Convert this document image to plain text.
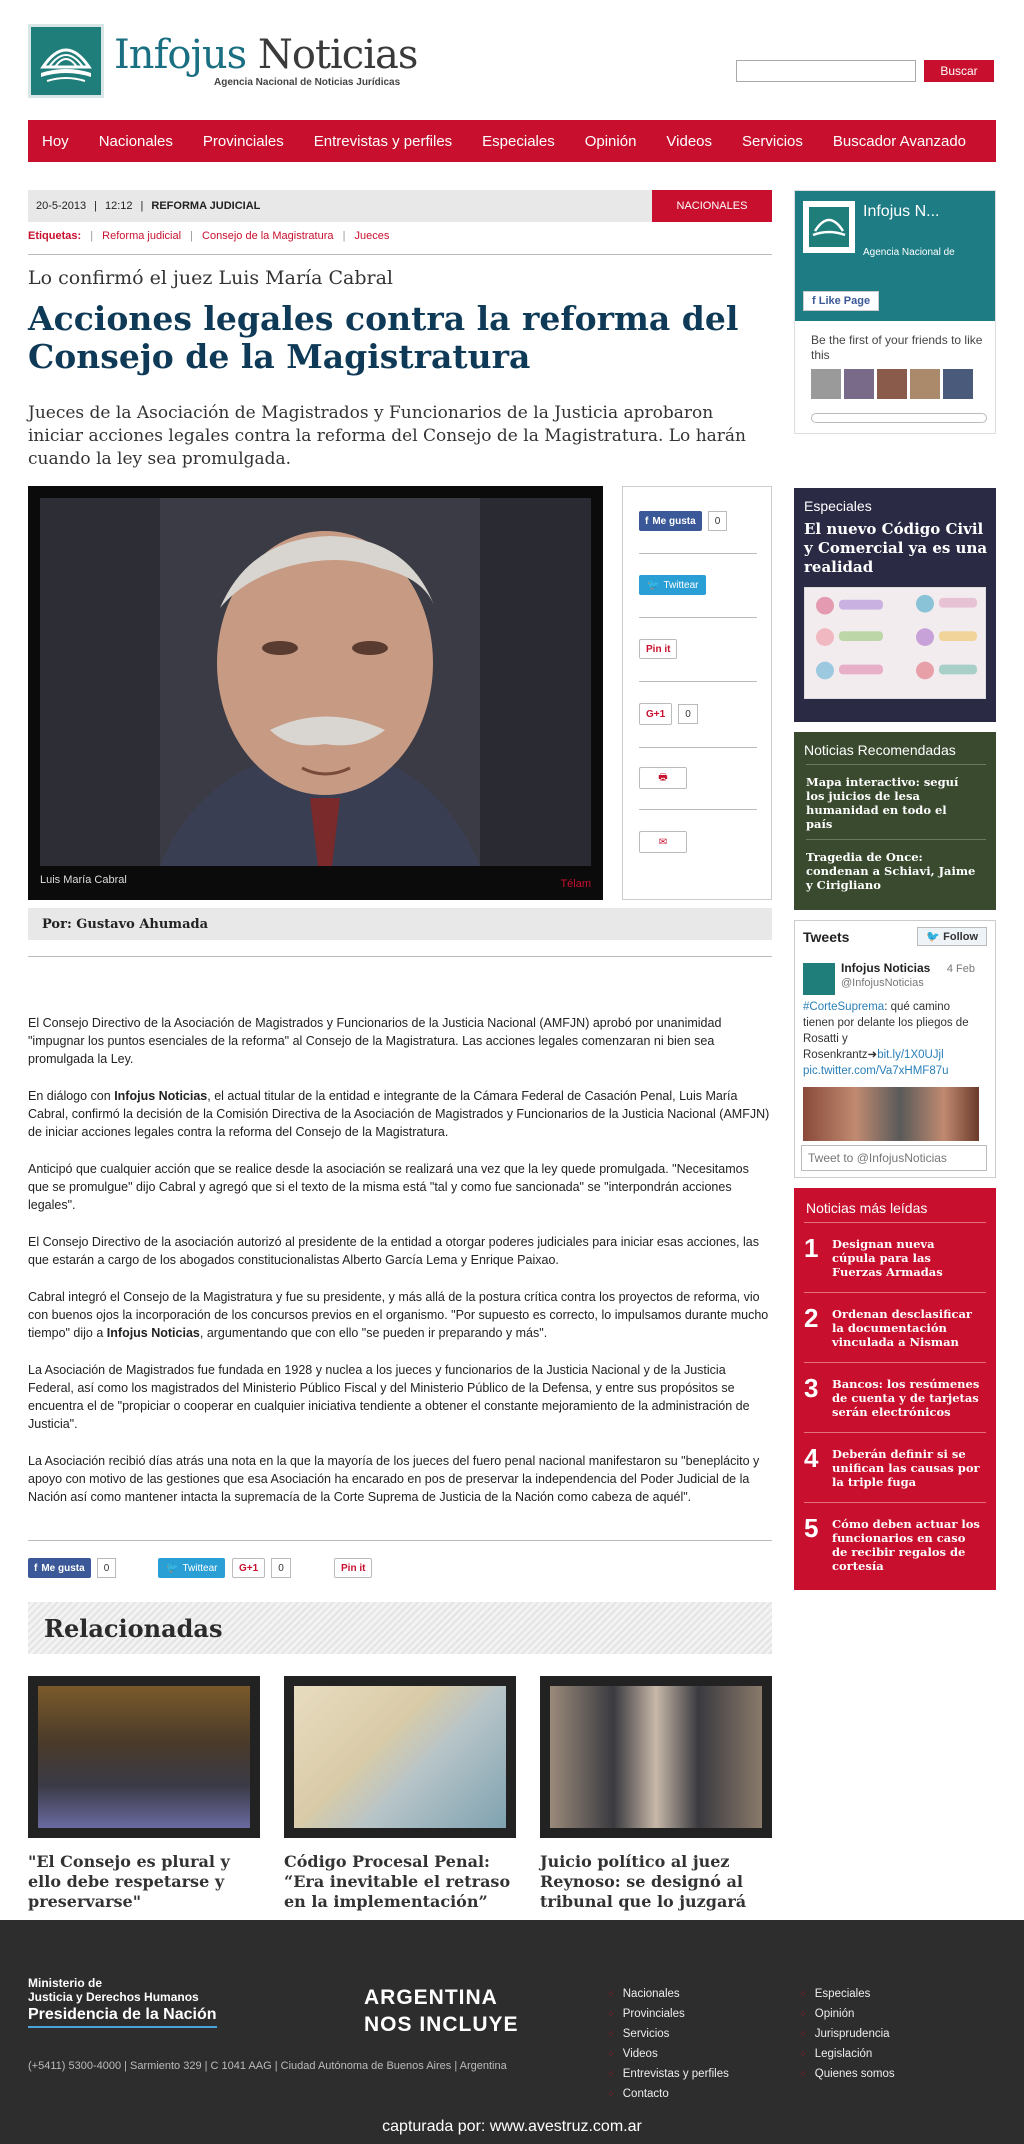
Infojus Noticias
Agencia Nacional de Noticias Jurídicas
Buscar
Hoy Nacionales Provinciales Entrevistas y perfiles Especiales Opinión Videos Servicios Buscador Avanzado
20-5-2013 | 12:12 | REFORMA JUDICIAL	NACIONALES
Etiquetas: | Reforma judicial | Consejo de la Magistratura | Jueces
Lo confirmó el juez Luis María Cabral
Acciones legales contra la reforma del Consejo de la Magistratura
Jueces de la Asociación de Magistrados y Funcionarios de la Justicia aprobaron iniciar acciones legales contra la reforma del Consejo de la Magistratura. Lo harán cuando la ley sea promulgada.
Luis María Cabral	Télam
f Me gusta	0
🐦 Twittear
Pin it
G+1	0
🖶
✉
Por: Gustavo Ahumada
El Consejo Directivo de la Asociación de Magistrados y Funcionarios de la Justicia Nacional (AMFJN) aprobó por unanimidad "impugnar los puntos esenciales de la reforma" al Consejo de la Magistratura. Las acciones legales comenzaran ni bien sea promulgada la Ley.
En diálogo con Infojus Noticias, el actual titular de la entidad e integrante de la Cámara Federal de Casación Penal, Luis María Cabral, confirmó la decisión de la Comisión Directiva de la Asociación de Magistrados y Funcionarios de la Justicia Nacional (AMFJN) de iniciar acciones legales contra la reforma del Consejo de la Magistratura.
Anticipó que cualquier acción que se realice desde la asociación se realizará una vez que la ley quede promulgada. "Necesitamos que se promulgue" dijo Cabral y agregó que si el texto de la misma está "tal y como fue sancionada" se "interpondrán acciones legales".
El Consejo Directivo de la asociación autorizó al presidente de la entidad a otorgar poderes judiciales para iniciar esas acciones, las que estarán a cargo de los abogados constitucionalistas Alberto García Lema y Enrique Paixao.
Cabral integró el Consejo de la Magistratura y fue su presidente, y más allá de la postura crítica contra los proyectos de reforma, vio con buenos ojos la incorporación de los concursos previos en el organismo. "Por supuesto es correcto, lo impulsamos durante mucho tiempo" dijo a Infojus Noticias, argumentando que con ello "se pueden ir preparando y más".
La Asociación de Magistrados fue fundada en 1928 y nuclea a los jueces y funcionarios de la Justicia Nacional y de la Justicia Federal, así como los magistrados del Ministerio Público Fiscal y del Ministerio Público de la Defensa, y entre sus propósitos se encuentra el de "propiciar o cooperar en cualquier iniciativa tendiente a obtener el constante mejoramiento de la administración de Justicia".
La Asociación recibió días atrás una nota en la que la mayoría de los jueces del fuero penal nacional manifestaron su "beneplácito y apoyo con motivo de las gestiones que esa Asociación ha encarado en pos de preservar la independencia del Poder Judicial de la Nación así como mantener intacta la supremacía de la Corte Suprema de Justicia de la Nación como cabeza de aquél".
f Me gusta	0	🐦 Twittear	G+1	0	Pin it
Relacionadas
"El Consejo es plural y ello debe respetarse y preservarse"
Código Procesal Penal: “Era inevitable el retraso en la implementación”
Juicio político al juez Reynoso: se designó al tribunal que lo juzgará
Infojus N...
Agencia Nacional de
f Like Page
Be the first of your friends to like this
Especiales
El nuevo Código Civil y Comercial ya es una realidad
Noticias Recomendadas
Mapa interactivo: seguí los juicios de lesa humanidad en todo el país
Tragedia de Once: condenan a Schiavi, Jaime y Cirigliano
Tweets	🐦 Follow
Infojus Noticias
@InfojusNoticias
4 Feb
#CorteSuprema: qué camino tienen por delante los pliegos de Rosatti y Rosenkrantz➜bit.ly/1X0UJjl
pic.twitter.com/Va7xHMF87u
Tweet to @InfojusNoticias
Noticias más leídas
1 Designan nueva cúpula para las Fuerzas Armadas
2 Ordenan desclasificar la documentación vinculada a Nisman
3 Bancos: los resúmenes de cuenta y de tarjetas serán electrónicos
4 Deberán definir si se unifican las causas por la triple fuga
5 Cómo deben actuar los funcionarios en caso de recibir regalos de cortesía
Ministerio de
Justicia y Derechos Humanos
Presidencia de la Nación
ARGENTINA
NOS INCLUYE
(+5411) 5300-4000 | Sarmiento 329 | C 1041 AAG | Ciudad Autónoma de Buenos Aires | Argentina
⁘ Nacionales
⁘ Provinciales
⁘ Servicios
⁘ Videos
⁘ Entrevistas y perfiles
⁘ Contacto
⁘ Especiales
⁘ Opinión
⁘ Jurisprudencia
⁘ Legislación
⁘ Quienes somos
capturada por: www.avestruz.com.ar
